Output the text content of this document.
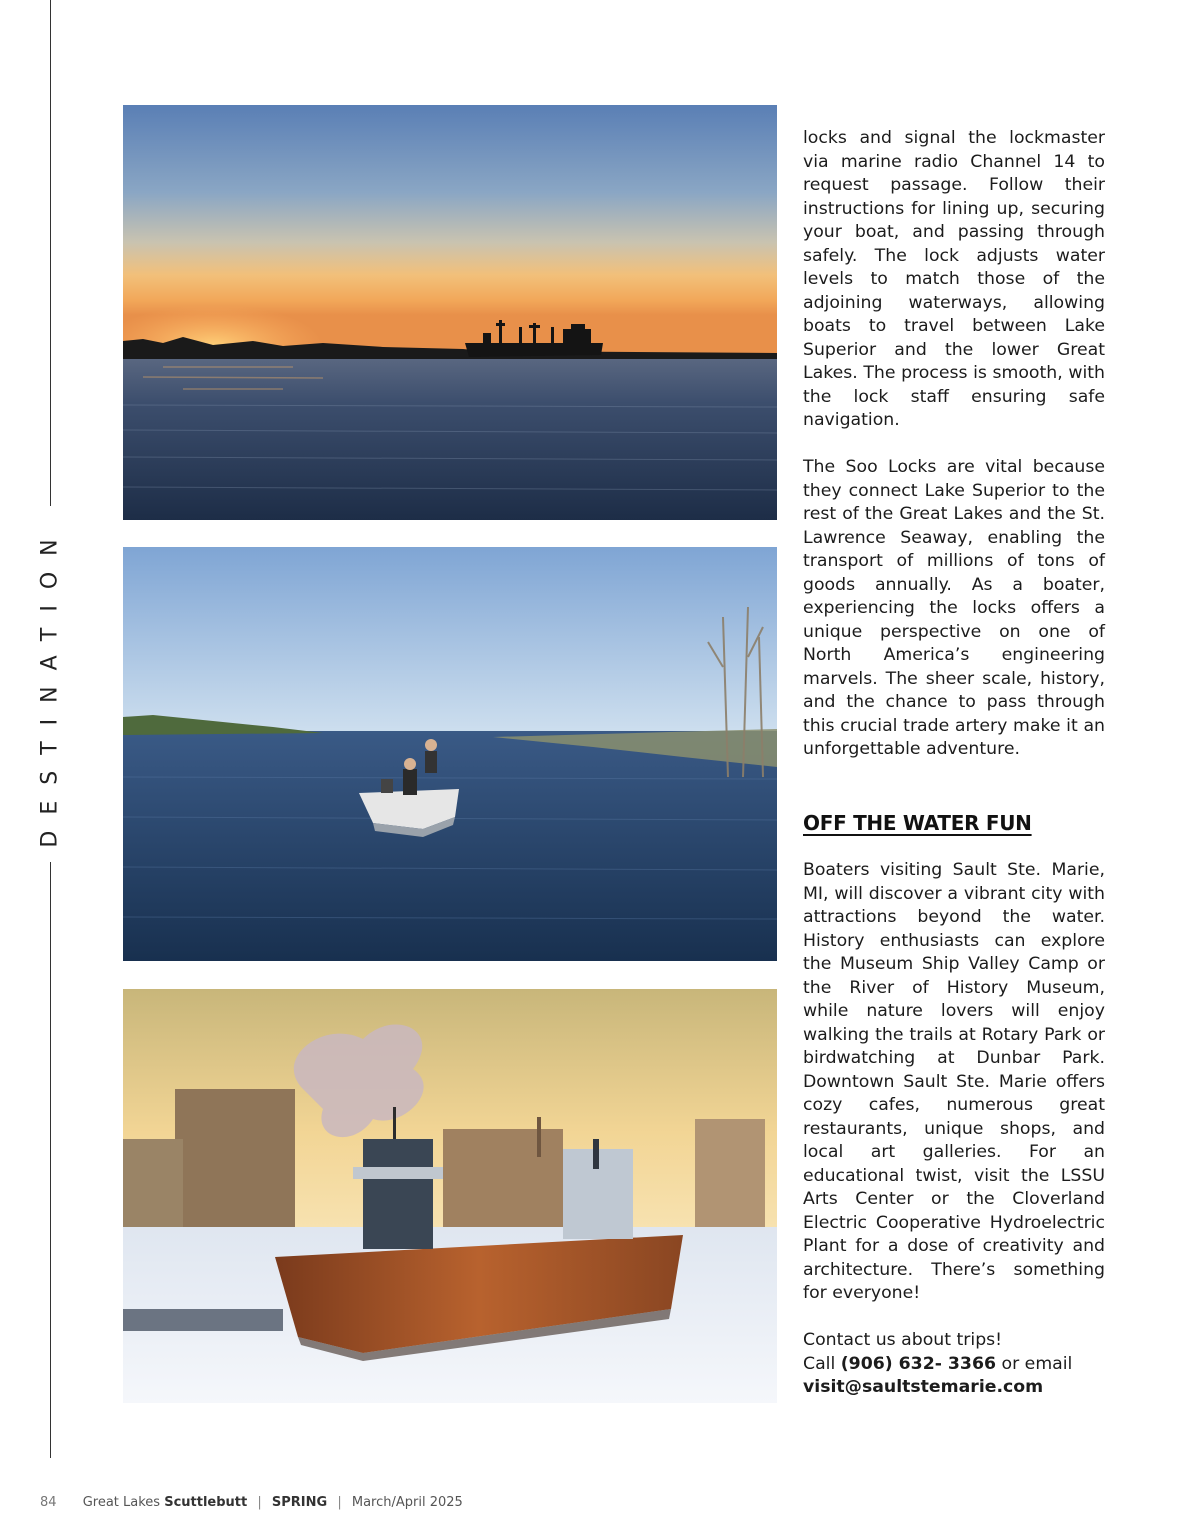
DESTINATION

locks and signal the lockmaster via marine radio Channel 14 to request passage. Follow their instructions for lining up, securing your boat, and passing through safely. The lock adjusts water levels to match those of the adjoining waterways, allowing boats to travel between Lake Superior and the lower Great Lakes. The process is smooth, with the lock staff ensuring safe navigation.

The Soo Locks are vital because they connect Lake Superior to the rest of the Great Lakes and the St. Lawrence Seaway, enabling the transport of millions of tons of goods annually. As a boater, experiencing the locks offers a unique perspective on one of North America’s engineering marvels. The sheer scale, history, and the chance to pass through this crucial trade artery make it an unforgettable adventure.

OFF THE WATER FUN

Boaters visiting Sault Ste. Marie, MI, will discover a vibrant city with attractions beyond the water. History enthusiasts can explore the Museum Ship Valley Camp or the River of History Museum, while nature lovers will enjoy walking the trails at Rotary Park or birdwatching at Dunbar Park. Downtown Sault Ste. Marie offers cozy cafes, numerous great restaurants, unique shops, and local art galleries. For an educational twist, visit the LSSU Arts Center or the Cloverland Electric Cooperative Hydroelectric Plant for a dose of creativity and architecture. There’s something for everyone!

Contact us about trips!
Call (906) 632- 3366 or email
visit@saultstemarie.com

84 Great Lakes Scuttlebutt | SPRING | March/April 2025
